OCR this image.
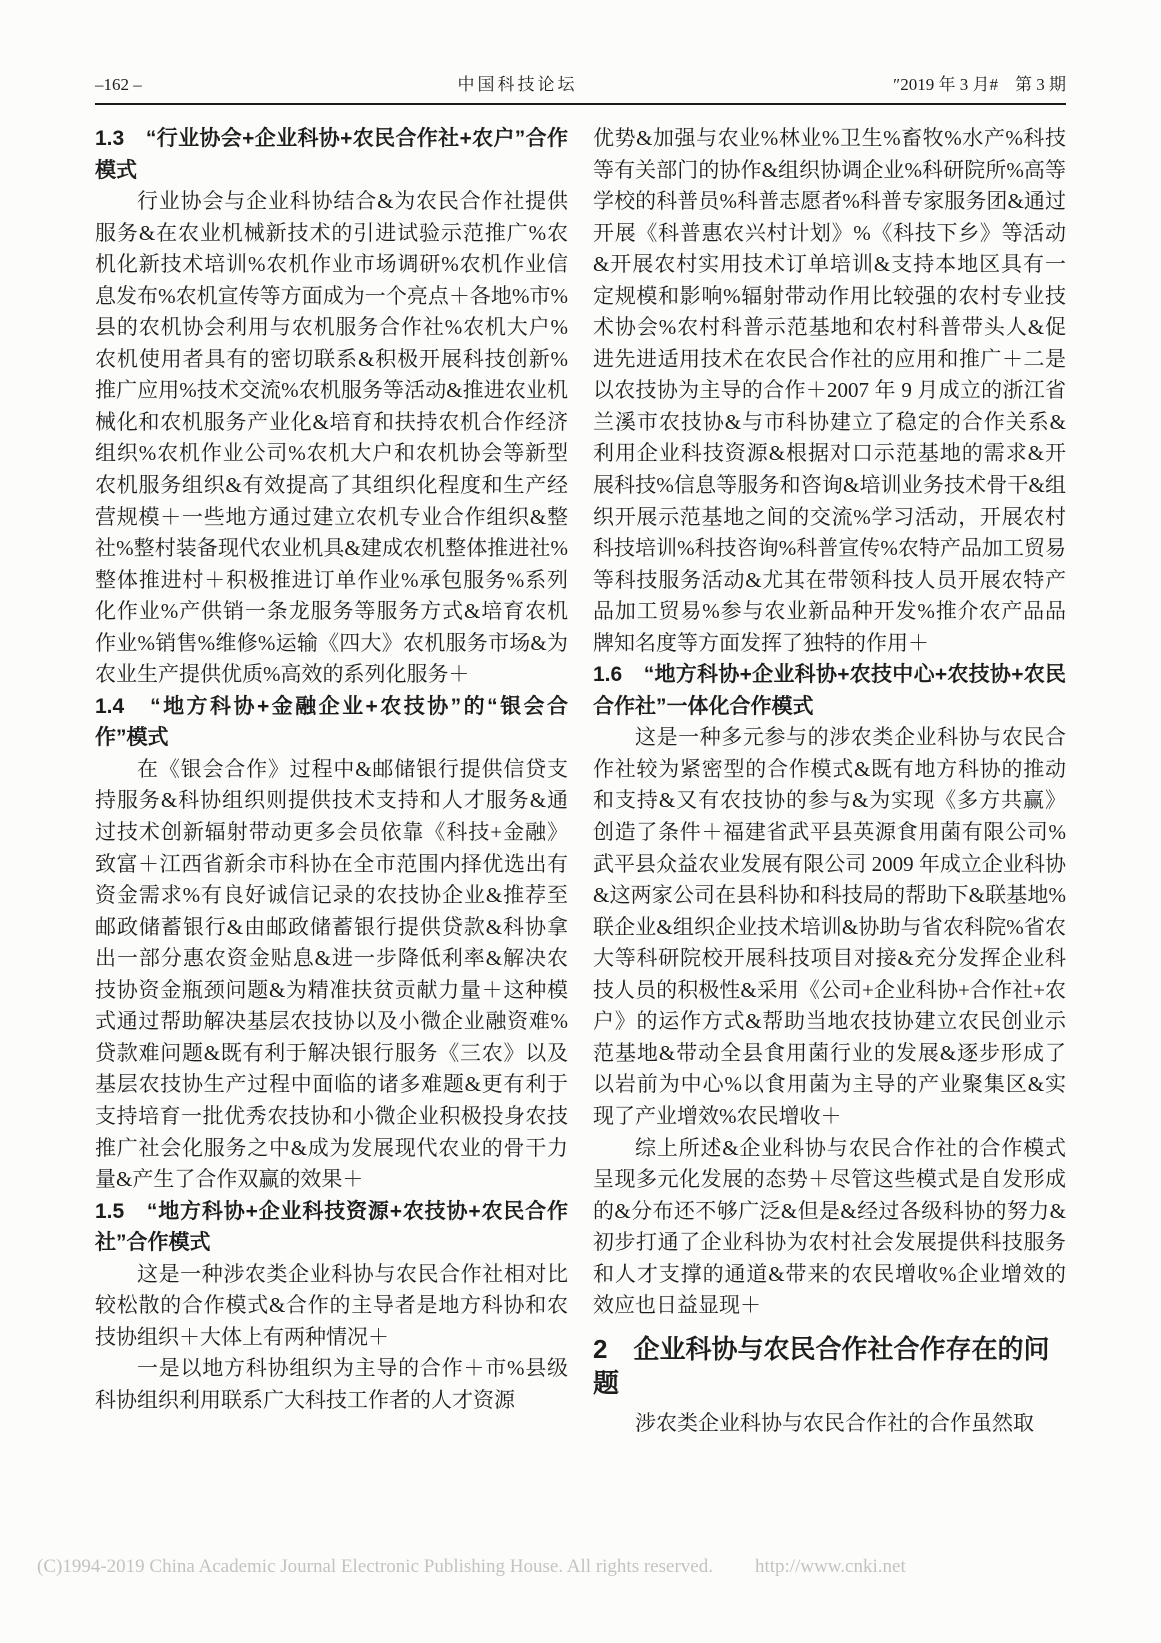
–162 –	中国科技论坛	″2019 年 3 月#　第 3 期
1.3　“行业协会+企业科协+农民合作社+农户”合作模式

行业协会与企业科协结合&为农民合作社提供服务&在农业机械新技术的引进试验示范推广%农机化新技术培训%农机作业市场调研%农机作业信息发布%农机宣传等方面成为一个亮点＋各地%市%县的农机协会利用与农机服务合作社%农机大户%农机使用者具有的密切联系&积极开展科技创新%推广应用%技术交流%农机服务等活动&推进农业机械化和农机服务产业化&培育和扶持农机合作经济组织%农机作业公司%农机大户和农机协会等新型农机服务组织&有效提高了其组织化程度和生产经营规模＋一些地方通过建立农机专业合作组织&整社%整村装备现代农业机具&建成农机整体推进社%整体推进村＋积极推进订单作业%承包服务%系列化作业%产供销一条龙服务等服务方式&培育农机作业%销售%维修%运输《四大》农机服务市场&为农业生产提供优质%高效的系列化服务＋

1.4　“地方科协+金融企业+农技协”的“银会合作”模式

在《银会合作》过程中&邮储银行提供信贷支持服务&科协组织则提供技术支持和人才服务&通过技术创新辐射带动更多会员依靠《科技+金融》致富＋江西省新余市科协在全市范围内择优选出有资金需求%有良好诚信记录的农技协企业&推荐至邮政储蓄银行&由邮政储蓄银行提供贷款&科协拿出一部分惠农资金贴息&进一步降低利率&解决农技协资金瓶颈问题&为精准扶贫贡献力量＋这种模式通过帮助解决基层农技协以及小微企业融资难%贷款难问题&既有利于解决银行服务《三农》以及基层农技协生产过程中面临的诸多难题&更有利于支持培育一批优秀农技协和小微企业积极投身农技推广社会化服务之中&成为发展现代农业的骨干力量&产生了合作双赢的效果＋

1.5　“地方科协+企业科技资源+农技协+农民合作社”合作模式

这是一种涉农类企业科协与农民合作社相对比较松散的合作模式&合作的主导者是地方科协和农技协组织＋大体上有两种情况＋

一是以地方科协组织为主导的合作＋市%县级科协组织利用联系广大科技工作者的人才资源

优势&加强与农业%林业%卫生%畜牧%水产%科技等有关部门的协作&组织协调企业%科研院所%高等学校的科普员%科普志愿者%科普专家服务团&通过开展《科普惠农兴村计划》%《科技下乡》等活动&开展农村实用技术订单培训&支持本地区具有一定规模和影响%辐射带动作用比较强的农村专业技术协会%农村科普示范基地和农村科普带头人&促进先进适用技术在农民合作社的应用和推广＋二是以农技协为主导的合作＋2007 年 9 月成立的浙江省兰溪市农技协&与市科协建立了稳定的合作关系&利用企业科技资源&根据对口示范基地的需求&开展科技%信息等服务和咨询&培训业务技术骨干&组织开展示范基地之间的交流%学习活动，开展农村科技培训%科技咨询%科普宣传%农特产品加工贸易等科技服务活动&尤其在带领科技人员开展农特产品加工贸易%参与农业新品种开发%推介农产品品牌知名度等方面发挥了独特的作用＋

1.6　“地方科协+企业科协+农技中心+农技协+农民合作社”一体化合作模式

这是一种多元参与的涉农类企业科协与农民合作社较为紧密型的合作模式&既有地方科协的推动和支持&又有农技协的参与&为实现《多方共赢》创造了条件＋福建省武平县英源食用菌有限公司%武平县众益农业发展有限公司 2009 年成立企业科协&这两家公司在县科协和科技局的帮助下&联基地%联企业&组织企业技术培训&协助与省农科院%省农大等科研院校开展科技项目对接&充分发挥企业科技人员的积极性&采用《公司+企业科协+合作社+农户》的运作方式&帮助当地农技协建立农民创业示范基地&带动全县食用菌行业的发展&逐步形成了以岩前为中心%以食用菌为主导的产业聚集区&实现了产业增效%农民增收＋

综上所述&企业科协与农民合作社的合作模式呈现多元化发展的态势＋尽管这些模式是自发形成的&分布还不够广泛&但是&经过各级科协的努力&初步打通了企业科协为农村社会发展提供科技服务和人才支撑的通道&带来的农民增收%企业增效的效应也日益显现＋

2　企业科协与农民合作社合作存在的问题

涉农类企业科协与农民合作社的合作虽然取

(C)1994-2019 China Academic Journal Electronic Publishing House. All rights reserved. http://www.cnki.net
